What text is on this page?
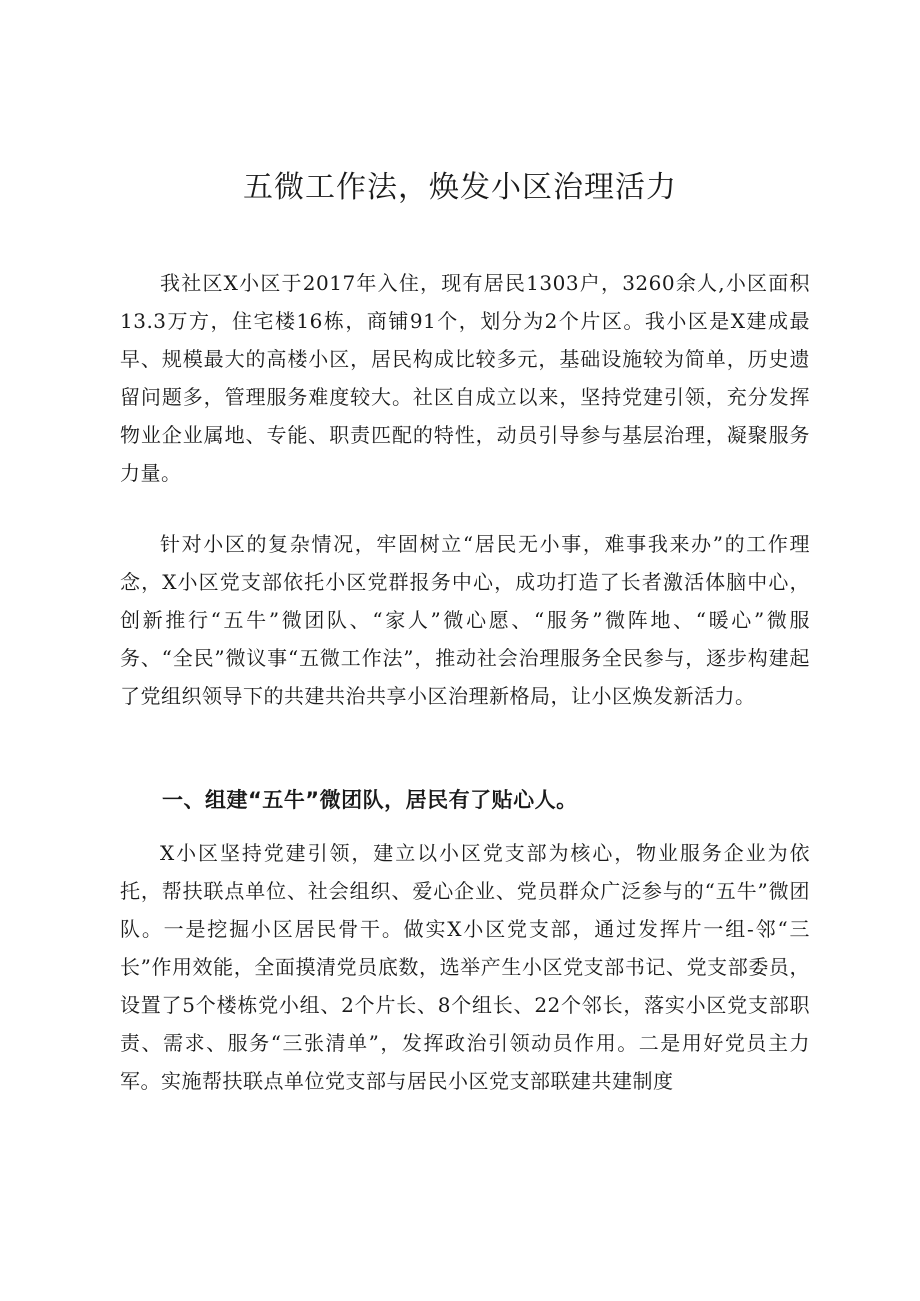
五微工作法，焕发小区治理活力

我社区X小区于2017年入住，现有居民1303户，3260余人,小区面积13.3万方，住宅楼16栋，商铺91个，划分为2个片区。我小区是X建成最早、规模最大的高楼小区，居民构成比较多元，基础设施较为简单，历史遗留问题多，管理服务难度较大。社区自成立以来，坚持党建引领，充分发挥物业企业属地、专能、职责匹配的特性，动员引导参与基层治理，凝聚服务力量。

针对小区的复杂情况，牢固树立“居民无小事，难事我来办”的工作理念，X小区党支部依托小区党群报务中心，成功打造了长者激活体脑中心，创新推行“五牛”微团队、“家人”微心愿、“服务”微阵地、“暖心”微服务、“全民”微议事“五微工作法”，推动社会治理服务全民参与，逐步构建起了党组织领导下的共建共治共享小区治理新格局，让小区焕发新活力。

一、组建“五牛”微团队，居民有了贴心人。

X小区坚持党建引领，建立以小区党支部为核心，物业服务企业为依托，帮扶联点单位、社会组织、爱心企业、党员群众广泛参与的“五牛”微团队。一是挖掘小区居民骨干。做实X小区党支部，通过发挥片一组-邻“三长”作用效能，全面摸清党员底数，选举产生小区党支部书记、党支部委员，设置了5个楼栋党小组、2个片长、8个组长、22个邻长，落实小区党支部职责、需求、服务“三张清单”，发挥政治引领动员作用。二是用好党员主力军。实施帮扶联点单位党支部与居民小区党支部联建共建制度
